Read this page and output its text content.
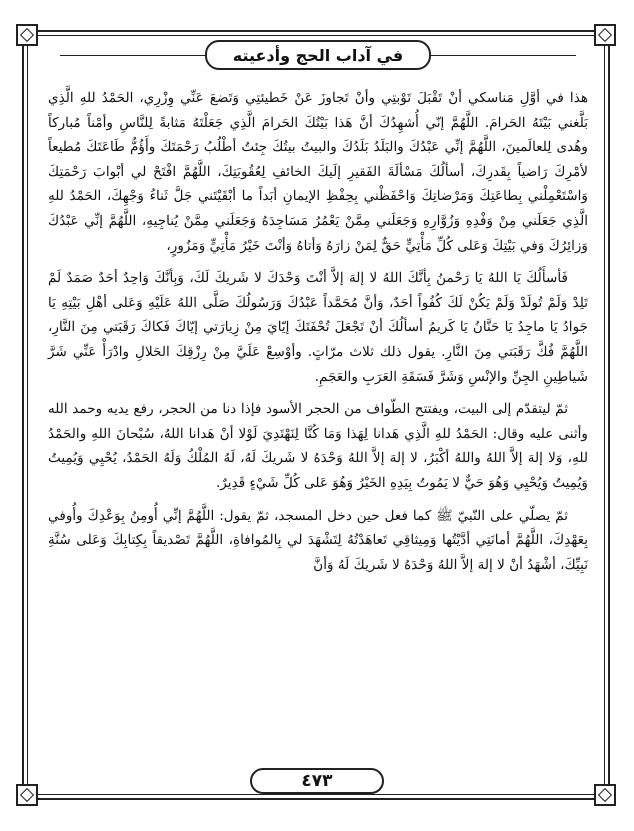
في آداب الحج وأدعيته

هذا في أوَّلِ مَناسكي أنْ تَقْبَلَ تَوْبتِي وأنْ تَجاوزَ عَنْ خَطيئتِي وَتَضعَ عَنِّي وِزْرِي، الحَمْدُ للهِ الَّذِي بَلَّغني بَيْتَهُ الحَرامَ. اللَّهُمَّ إنّي أُشهِدُكَ أنَّ هَذا بَيْتُكَ الحَرامَ الَّذِي جَعَلْتَهُ مَثابةً لِلنَّاسِ وأمْناً مُباركاً وهُدى لِلعالَمينَ، اللَّهُمَّ إنِّي عَبْدُكَ والبَلَدُ بَلَدُكَ والبيتُ بيتُكَ جِئتُ أطْلُبُ رَحْمَتَكَ وأَؤُمُّ طَاعَتَكَ مُطيعاً لأمْرِكَ رَاضياً بِقَدرِكَ، أسألُكَ مَسْألَةَ الفَقيرِ إلَيكَ الخائفِ لِعُقُوبَتِكَ، اللَّهُمَّ افْتَحْ لي أبْوابَ رَحْمَتِكَ وَاسْتَعْمِلْني بِطاعَتِكَ وَمَرْضاتِكَ وَاحْفَظْني بِحِفْظِ الإيمانِ أبَداً ما أبْقَيْتَني جَلَّ ثَناءُ وَجْهِكَ، الحَمْدُ للهِ الَّذِي جَعَلَني مِنْ وَفْدِهِ وَزُوَّارِهِ وَجَعَلَني مِمَّنْ يَعْمُرُ مَسَاجِدَهُ وَجَعَلَني مِمَّنْ يُناجِيهِ، اللَّهُمَّ إنِّي عَبْدُكَ وَزائِرُكَ وَفي بَيْتِكَ وَعَلى كُلِّ مَأْتِيٍّ حَقٌّ لِمَنْ زارَهُ وَأتاهُ وَأنْتَ خَيْرُ مَأْتِيٍّ وَمَزُورٍ،

فَأسأَلُكَ يَا اللهُ يَا رَحْمنُ بِأنَّكَ اللهُ لا إلهَ إلاَّ أنْتَ وَحْدَكَ لا شَريكَ لَكَ، وَبِأنَّكَ وَاحِدٌ أحَدٌ صَمَدٌ لَمْ تَلِدْ وَلَمْ تُولَدْ وَلَمْ يَكُنْ لَكَ كُفُواً أحَدٌ، وَأنَّ مُحَمَّداً عَبْدُكَ وَرَسُولُكَ صَلَّى اللهُ عَلَيْهِ وَعَلى أهْلِ بَيْتِهِ يَا جَوادُ يَا ماجِدُ يَا حَنَّانُ يَا كَريمُ أسألُكَ أنْ تَجْعَلَ تُحْفَتَكَ إيّايَ مِنْ زِيارَتي إيّاكَ فَكاكَ رَقَبَتي مِنَ النَّارِ، اللَّهُمَّ فُكَّ رَقَبَتي مِنَ النَّارِ. يقول ذلك ثلاث مرّاتٍ. وأوْسِعْ عَلَيَّ مِنْ رِزْقِكَ الحَلالِ وادْرَأْ عَنِّي شَرَّ شَياطِينِ الجِنِّ والإنْسِ وَشَرَّ فَسَقَةِ العَرَبِ والعَجَمِ.

ثمّ ليتقدّم إلى البيت، ويفتتح الطّواف من الحجر الأسود فإذا دنا من الحجر، رفع يديه وحمد الله وأثنى عليه وقال: الحَمْدُ للهِ الَّذِي هَدانا لِهَذا وَمَا كُنَّا لِنَهْتَدِيَ لَوْلا أنْ هَدانا اللهُ، سُبْحانَ اللهِ والحَمْدُ للهِ، وَلا إلهَ إلاَّ اللهُ واللهُ أكْبَرُ، لا إلهَ إلاَّ اللهُ وَحْدَهُ لا شَريكَ لَهُ، لَهُ المُلْكُ وَلَهُ الحَمْدُ، يُحْيِي وَيُمِيتُ وَيُمِيتُ وَيُحْيِي وَهُوَ حَيٌّ لا يَمُوتُ بِيَدِهِ الخَيْرُ وَهُوَ عَلى كُلِّ شَيْءٍ قَدِيرٌ.

ثمّ يصلّي على النّبيّ ﷺ كما فعل حين دخل المسجد، ثمّ يقول: اللَّهُمَّ إنِّي أُومِنُ بِوَعْدِكَ وأُوفي بِعَهْدِكَ، اللَّهُمَّ أمانَتِي أدَّيْتُها وَمِيثاقِي تَعاهَدْتُهُ لِتَشْهَدَ لي بِالمُوافاةِ، اللَّهُمَّ تَصْديقاً بِكِتابِكَ وَعَلى سُنَّةِ نَبِيِّكَ، أشْهَدُ أنْ لا إلهَ إلاَّ اللهُ وَحْدَهُ لا شَريكَ لَهُ وَأنَّ

٤٧٣
